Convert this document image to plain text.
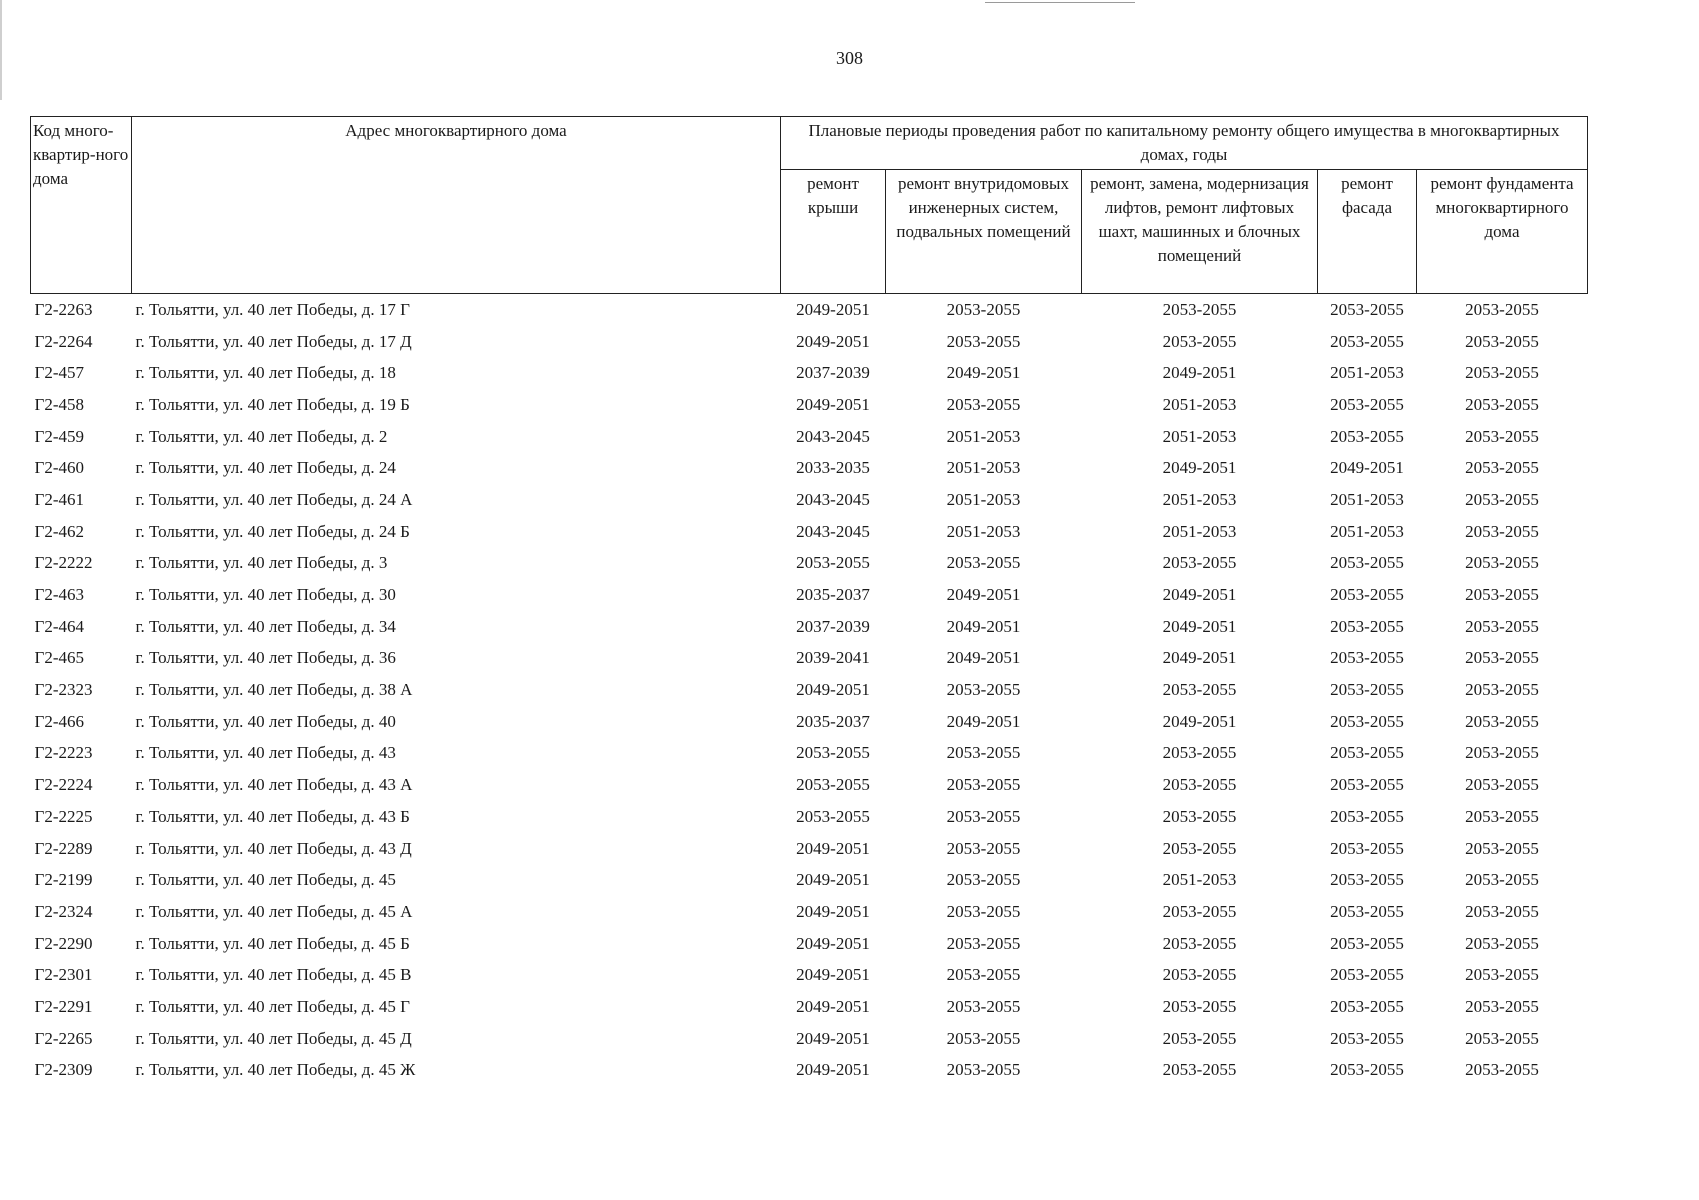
308
Код много-квартир-ного дома	Адрес многоквартирного дома	Плановые периоды проведения работ по капитальному ремонту общего имущества в многоквартирных домах, годы				
		ремонт крыши	ремонт внутридомовых инженерных систем, подвальных помещений	ремонт, замена, модернизация лифтов, ремонт лифтовых шахт, машинных и блочных помещений	ремонт фасада	ремонт фундамента многоквартирного дома
Г2-2263	г. Тольятти, ул. 40 лет Победы, д. 17 Г	2049-2051	2053-2055	2053-2055	2053-2055	2053-2055
Г2-2264	г. Тольятти, ул. 40 лет Победы, д. 17 Д	2049-2051	2053-2055	2053-2055	2053-2055	2053-2055
Г2-457	г. Тольятти, ул. 40 лет Победы, д. 18	2037-2039	2049-2051	2049-2051	2051-2053	2053-2055
Г2-458	г. Тольятти, ул. 40 лет Победы, д. 19 Б	2049-2051	2053-2055	2051-2053	2053-2055	2053-2055
Г2-459	г. Тольятти, ул. 40 лет Победы, д. 2	2043-2045	2051-2053	2051-2053	2053-2055	2053-2055
Г2-460	г. Тольятти, ул. 40 лет Победы, д. 24	2033-2035	2051-2053	2049-2051	2049-2051	2053-2055
Г2-461	г. Тольятти, ул. 40 лет Победы, д. 24 А	2043-2045	2051-2053	2051-2053	2051-2053	2053-2055
Г2-462	г. Тольятти, ул. 40 лет Победы, д. 24 Б	2043-2045	2051-2053	2051-2053	2051-2053	2053-2055
Г2-2222	г. Тольятти, ул. 40 лет Победы, д. 3	2053-2055	2053-2055	2053-2055	2053-2055	2053-2055
Г2-463	г. Тольятти, ул. 40 лет Победы, д. 30	2035-2037	2049-2051	2049-2051	2053-2055	2053-2055
Г2-464	г. Тольятти, ул. 40 лет Победы, д. 34	2037-2039	2049-2051	2049-2051	2053-2055	2053-2055
Г2-465	г. Тольятти, ул. 40 лет Победы, д. 36	2039-2041	2049-2051	2049-2051	2053-2055	2053-2055
Г2-2323	г. Тольятти, ул. 40 лет Победы, д. 38 А	2049-2051	2053-2055	2053-2055	2053-2055	2053-2055
Г2-466	г. Тольятти, ул. 40 лет Победы, д. 40	2035-2037	2049-2051	2049-2051	2053-2055	2053-2055
Г2-2223	г. Тольятти, ул. 40 лет Победы, д. 43	2053-2055	2053-2055	2053-2055	2053-2055	2053-2055
Г2-2224	г. Тольятти, ул. 40 лет Победы, д. 43 А	2053-2055	2053-2055	2053-2055	2053-2055	2053-2055
Г2-2225	г. Тольятти, ул. 40 лет Победы, д. 43 Б	2053-2055	2053-2055	2053-2055	2053-2055	2053-2055
Г2-2289	г. Тольятти, ул. 40 лет Победы, д. 43 Д	2049-2051	2053-2055	2053-2055	2053-2055	2053-2055
Г2-2199	г. Тольятти, ул. 40 лет Победы, д. 45	2049-2051	2053-2055	2051-2053	2053-2055	2053-2055
Г2-2324	г. Тольятти, ул. 40 лет Победы, д. 45 А	2049-2051	2053-2055	2053-2055	2053-2055	2053-2055
Г2-2290	г. Тольятти, ул. 40 лет Победы, д. 45 Б	2049-2051	2053-2055	2053-2055	2053-2055	2053-2055
Г2-2301	г. Тольятти, ул. 40 лет Победы, д. 45 В	2049-2051	2053-2055	2053-2055	2053-2055	2053-2055
Г2-2291	г. Тольятти, ул. 40 лет Победы, д. 45 Г	2049-2051	2053-2055	2053-2055	2053-2055	2053-2055
Г2-2265	г. Тольятти, ул. 40 лет Победы, д. 45 Д	2049-2051	2053-2055	2053-2055	2053-2055	2053-2055
Г2-2309	г. Тольятти, ул. 40 лет Победы, д. 45 Ж	2049-2051	2053-2055	2053-2055	2053-2055	2053-2055
